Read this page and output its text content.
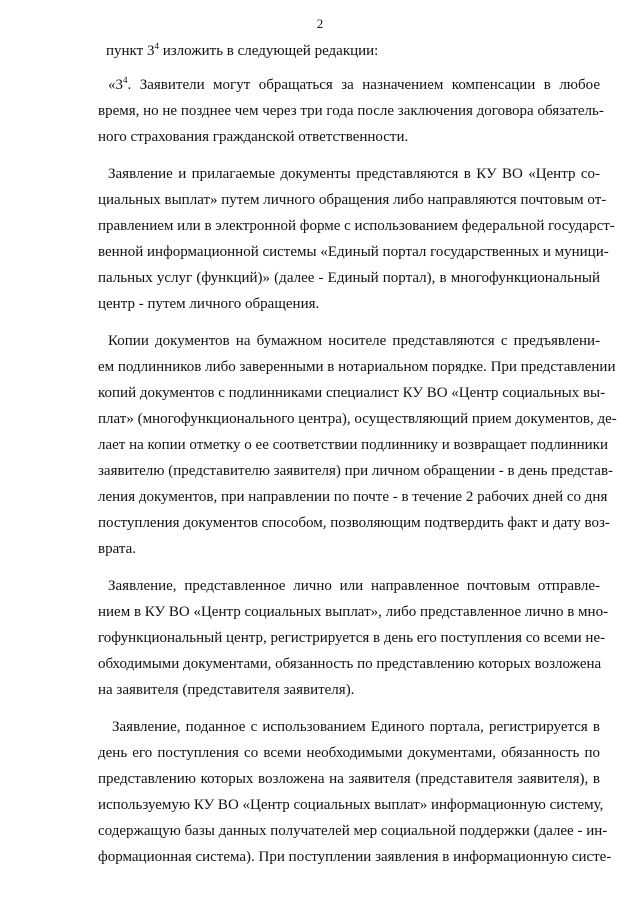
2
пункт $3^4$ изложить в следующей редакции:
«$3^4$. Заявители могут обращаться за назначением компенсации в любое
время, но не позднее чем через три года после заключения договора обязатель-
ного страхования гражданской ответственности.
Заявление и прилагаемые документы представляются в КУ ВО «Центр со-
циальных выплат» путем личного обращения либо направляются почтовым от-
правлением или в электронной форме с использованием федеральной государст-
венной информационной системы «Единый портал государственных и муници-
пальных услуг (функций)» (далее - Единый портал), в многофункциональный
центр - путем личного обращения.
Копии документов на бумажном носителе представляются с предъявлени-
ем подлинников либо заверенными в нотариальном порядке. При представлении
копий документов с подлинниками специалист КУ ВО «Центр социальных вы-
плат» (многофункционального центра), осуществляющий прием документов, де-
лает на копии отметку о ее соответствии подлиннику и возвращает подлинники
заявителю (представителю заявителя) при личном обращении - в день представ-
ления документов, при направлении по почте - в течение 2 рабочих дней со дня
поступления документов способом, позволяющим подтвердить факт и дату воз-
врата.
Заявление, представленное лично или направленное почтовым отправле-
нием в КУ ВО «Центр социальных выплат», либо представленное лично в мно-
гофункциональный центр, регистрируется в день его поступления со всеми не-
обходимыми документами, обязанность по представлению которых возложена
на заявителя (представителя заявителя).
Заявление, поданное с использованием Единого портала, регистрируется в
день его поступления со всеми необходимыми документами, обязанность по
представлению которых возложена на заявителя (представителя заявителя), в
используемую КУ ВО «Центр социальных выплат» информационную систему,
содержащую базы данных получателей мер социальной поддержки (далее - ин-
формационная система). При поступлении заявления в информационную систе-
